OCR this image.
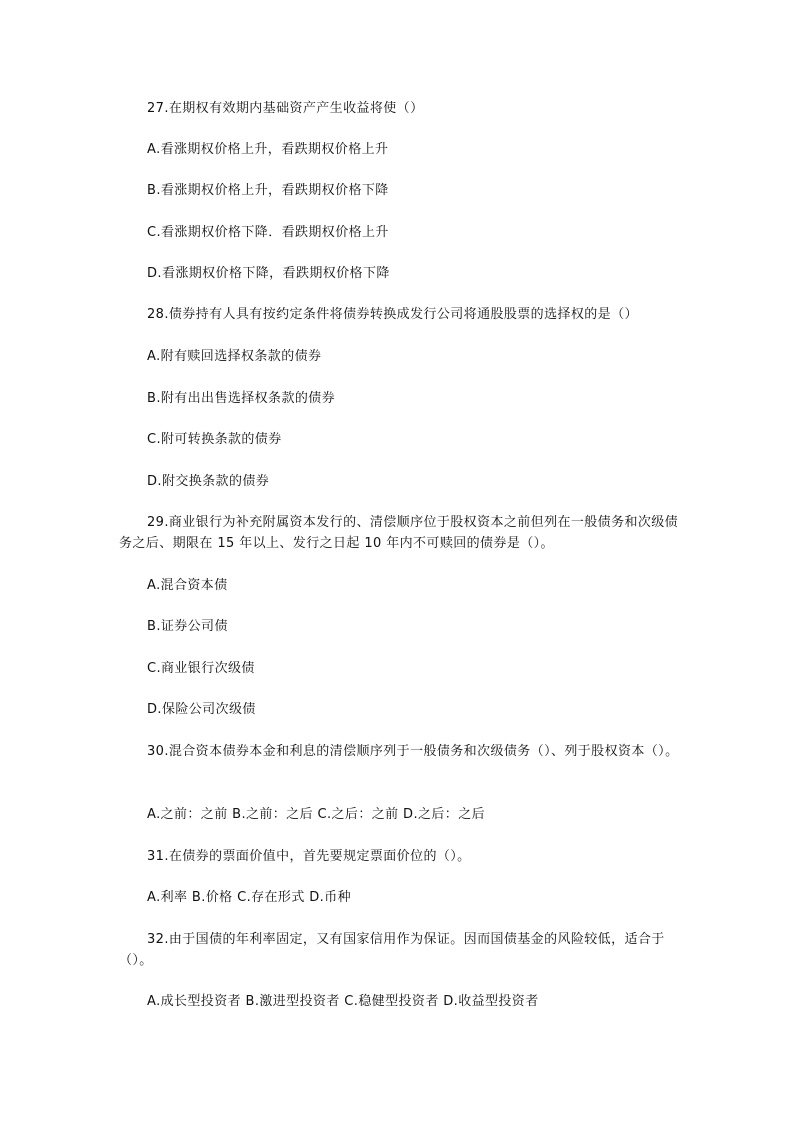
27.在期权有效期内基础资产产生收益将使（）
A.看涨期权价格上升，看跌期权价格上升
B.看涨期权价格上升，看跌期权价格下降
C.看涨期权价格下降．看跌期权价格上升
D.看涨期权价格下降，看跌期权价格下降
28.债券持有人具有按约定条件将债券转换成发行公司将通股股票的选择权的是（）
A.附有赎回选择权条款的债券
B.附有出出售选择权条款的债券
C.附可转换条款的债券
D.附交换条款的债券
29.商业银行为补充附属资本发行的、清偿顺序位于股权资本之前但列在一般债务和次级债务之后、期限在 15 年以上、发行之日起 10 年内不可赎回的债券是（）。
A.混合资本债
B.证券公司债
C.商业银行次级债
D.保险公司次级债
30.混合资本债券本金和利息的清偿顺序列于一般债务和次级债务（）、列于股权资本（）。
A.之前：之前 B.之前：之后 C.之后：之前 D.之后：之后
31.在债券的票面价值中，首先要规定票面价位的（）。
A.利率 B.价格 C.存在形式 D.币种
32.由于国债的年利率固定，又有国家信用作为保证。因而国债基金的风险较低，适合于（）。
A.成长型投资者 B.激进型投资者 C.稳健型投资者 D.收益型投资者
